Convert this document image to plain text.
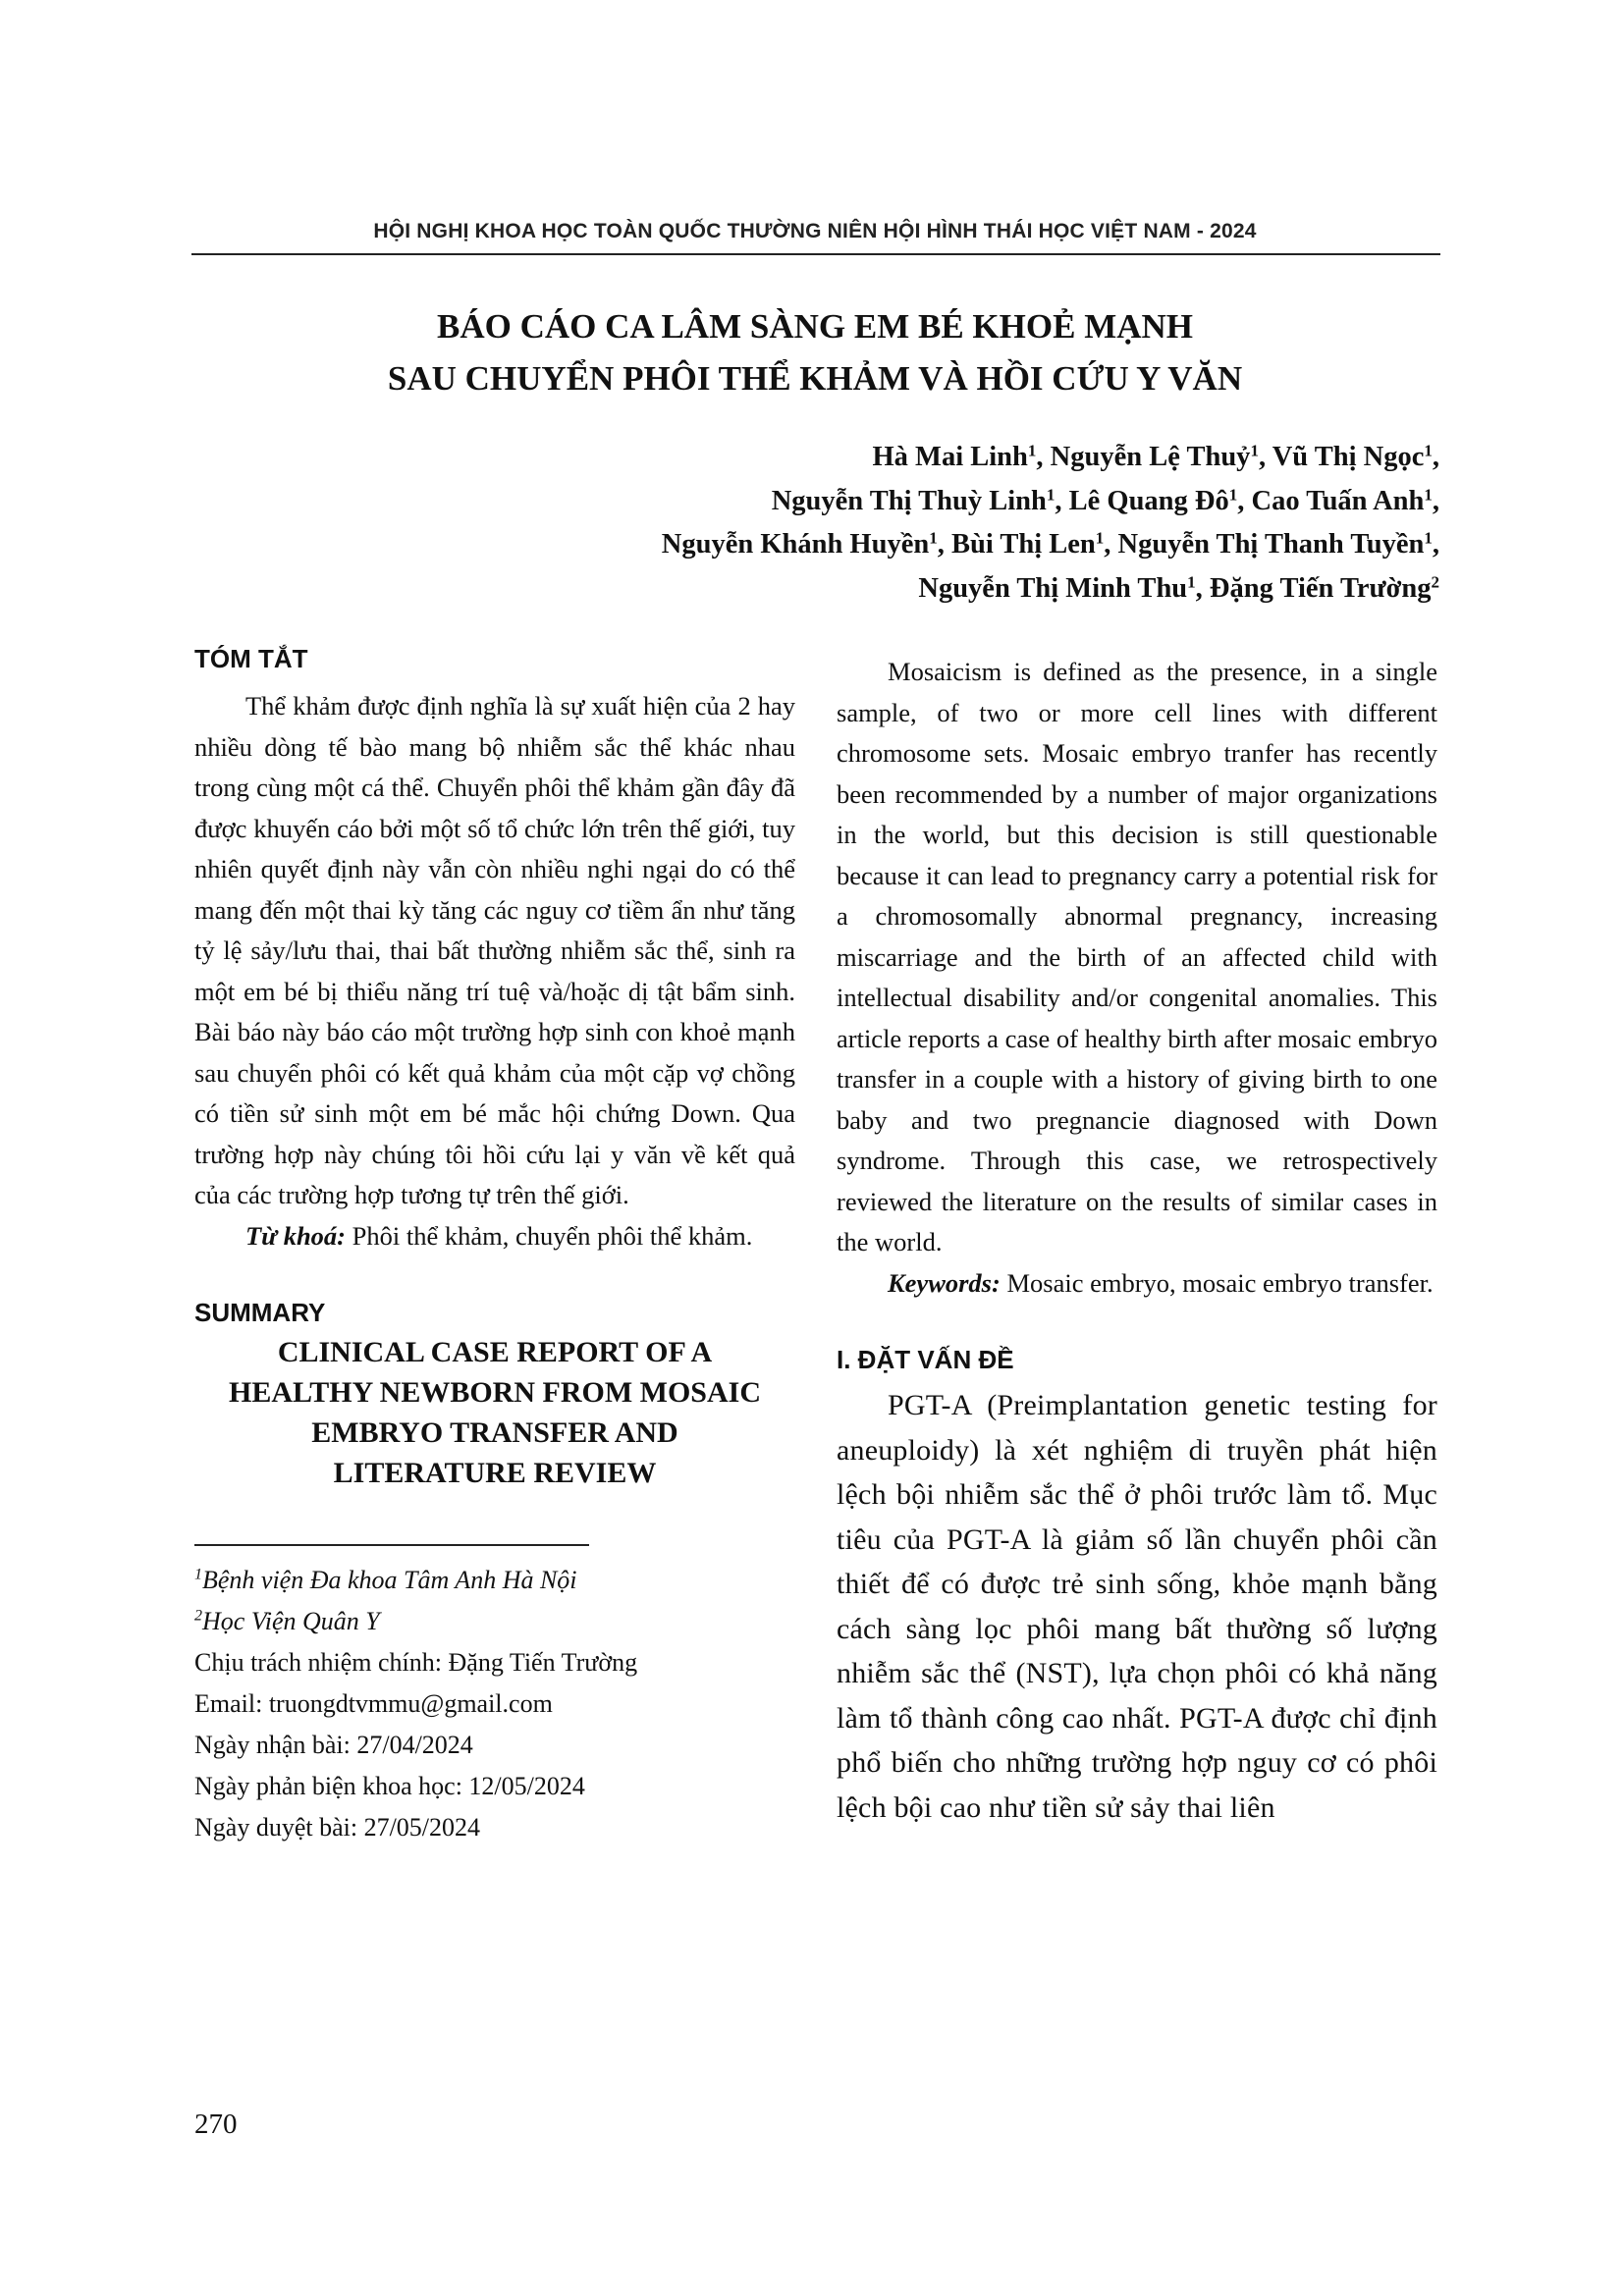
HỘI NGHỊ KHOA HỌC TOÀN QUỐC THƯỜNG NIÊN HỘI HÌNH THÁI HỌC VIỆT NAM - 2024
BÁO CÁO CA LÂM SÀNG EM BÉ KHOẺ MẠNH
SAU CHUYỂN PHÔI THỂ KHẢM VÀ HỒI CỨU Y VĂN
Hà Mai Linh$^1$, Nguyễn Lệ Thuỷ$^1$, Vũ Thị Ngọc$^1$,
Nguyễn Thị Thuỳ Linh$^1$, Lê Quang $Đô^1$, Cao Tuấn Anh$^1$,
Nguyễn Khánh Huyền$^1$, Bùi Thị Len$^1$, Nguyễn Thị Thanh Tuyền$^1$,
Nguyễn Thị Minh Thu$^1$, Đặng Tiến Trường$^2$

TÓM TẮT

Thể khảm được định nghĩa là sự xuất hiện của 2 hay nhiều dòng tế bào mang bộ nhiễm sắc thể khác nhau trong cùng một cá thể. Chuyển phôi thể khảm gần đây đã được khuyến cáo bởi một số tổ chức lớn trên thế giới, tuy nhiên quyết định này vẫn còn nhiều nghi ngại do có thể mang đến một thai kỳ tăng các nguy cơ tiềm ẩn như tăng tỷ lệ sảy/lưu thai, thai bất thường nhiễm sắc thể, sinh ra một em bé bị thiểu năng trí tuệ và/hoặc dị tật bẩm sinh. Bài báo này báo cáo một trường hợp sinh con khoẻ mạnh sau chuyển phôi có kết quả khảm của một cặp vợ chồng có tiền sử sinh một em bé mắc hội chứng Down. Qua trường hợp này chúng tôi hồi cứu lại y văn về kết quả của các trường hợp tương tự trên thế giới.

Từ khoá: Phôi thể khảm, chuyển phôi thể khảm.

SUMMARY

CLINICAL CASE REPORT OF A
HEALTHY NEWBORN FROM MOSAIC
EMBRYO TRANSFER AND
LITERATURE REVIEW

$^1$Bệnh viện Đa khoa Tâm Anh Hà Nội

$^2$Học Viện Quân Y

Chịu trách nhiệm chính: Đặng Tiến Trường

Email: truongdtvmmu@gmail.com

Ngày nhận bài: 27/04/2024

Ngày phản biện khoa học: 12/05/2024

Ngày duyệt bài: 27/05/2024

Mosaicism is defined as the presence, in a single sample, of two or more cell lines with different chromosome sets. Mosaic embryo tranfer has recently been recommended by a number of major organizations in the world, but this decision is still questionable because it can lead to pregnancy carry a potential risk for a chromosomally abnormal pregnancy, increasing miscarriage and the birth of an affected child with intellectual disability and/or congenital anomalies. This article reports a case of healthy birth after mosaic embryo transfer in a couple with a history of giving birth to one baby and two pregnancie diagnosed with Down syndrome. Through this case, we retrospectively reviewed the literature on the results of similar cases in the world.

Keywords: Mosaic embryo, mosaic embryo transfer.

I. ĐẶT VẤN ĐỀ

PGT-A (Preimplantation genetic testing for aneuploidy) là xét nghiệm di truyền phát hiện lệch bội nhiễm sắc thể ở phôi trước làm tổ. Mục tiêu của PGT-A là giảm số lần chuyển phôi cần thiết để có được trẻ sinh sống, khỏe mạnh bằng cách sàng lọc phôi mang bất thường số lượng nhiễm sắc thể (NST), lựa chọn phôi có khả năng làm tổ thành công cao nhất. PGT-A được chỉ định phổ biến cho những trường hợp nguy cơ có phôi lệch bội cao như tiền sử sảy thai liên

270
